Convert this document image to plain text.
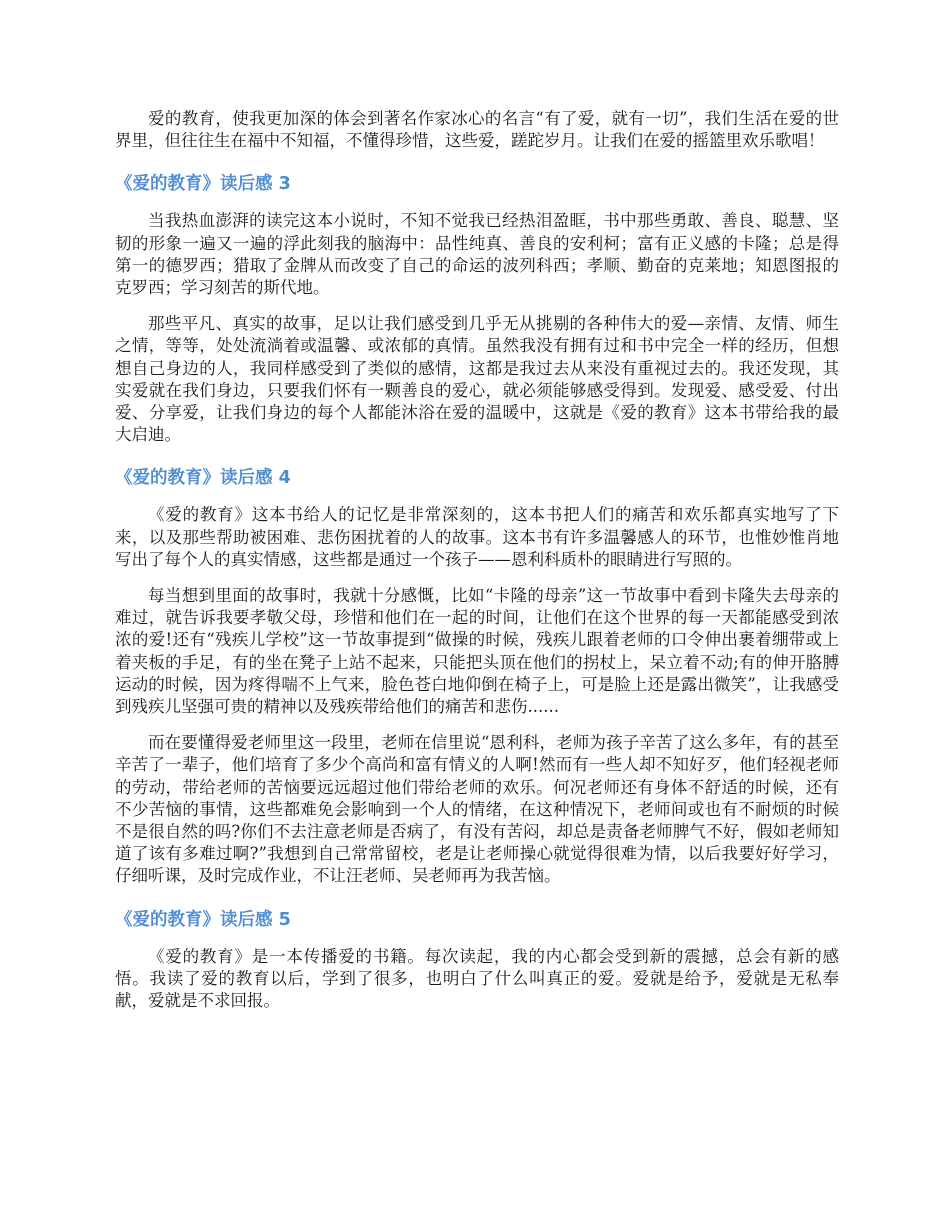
爱的教育，使我更加深的体会到著名作家冰心的名言“有了爱，就有一切”，我们生活在爱的世界里，但往往生在福中不知福，不懂得珍惜，这些爱，蹉跎岁月。让我们在爱的摇篮里欢乐歌唱！

《爱的教育》读后感 3

当我热血澎湃的读完这本小说时，不知不觉我已经热泪盈眶，书中那些勇敢、善良、聪慧、坚韧的形象一遍又一遍的浮此刻我的脑海中：品性纯真、善良的安利柯；富有正义感的卡隆；总是得第一的德罗西；猎取了金牌从而改变了自己的命运的波列科西；孝顺、勤奋的克莱地；知恩图报的克罗西；学习刻苦的斯代地。

那些平凡、真实的故事，足以让我们感受到几乎无从挑剔的各种伟大的爱—亲情、友情、师生之情，等等，处处流淌着或温馨、或浓郁的真情。虽然我没有拥有过和书中完全一样的经历，但想想自己身边的人，我同样感受到了类似的感情，这都是我过去从来没有重视过去的。我还发现，其实爱就在我们身边，只要我们怀有一颗善良的爱心，就必须能够感受得到。发现爱、感受爱、付出爱、分享爱，让我们身边的每个人都能沐浴在爱的温暖中，这就是《爱的教育》这本书带给我的最大启迪。

《爱的教育》读后感 4

《爱的教育》这本书给人的记忆是非常深刻的，这本书把人们的痛苦和欢乐都真实地写了下来，以及那些帮助被困难、悲伤困扰着的人的故事。这本书有许多温馨感人的环节，也惟妙惟肖地写出了每个人的真实情感，这些都是通过一个孩子——恩利科质朴的眼睛进行写照的。

每当想到里面的故事时，我就十分感慨，比如“卡隆的母亲”这一节故事中看到卡隆失去母亲的难过，就告诉我要孝敬父母，珍惜和他们在一起的时间，让他们在这个世界的每一天都能感受到浓浓的爱!还有“残疾儿学校”这一节故事提到“做操的时候，残疾儿跟着老师的口令伸出裹着绷带或上着夹板的手足，有的坐在凳子上站不起来，只能把头顶在他们的拐杖上，呆立着不动;有的伸开胳膊运动的时候，因为疼得喘不上气来，脸色苍白地仰倒在椅子上，可是脸上还是露出微笑”，让我感受到残疾儿坚强可贵的精神以及残疾带给他们的痛苦和悲伤......

而在要懂得爱老师里这一段里，老师在信里说“恩利科，老师为孩子辛苦了这么多年，有的甚至辛苦了一辈子，他们培育了多少个高尚和富有情义的人啊!然而有一些人却不知好歹，他们轻视老师的劳动，带给老师的苦恼要远远超过他们带给老师的欢乐。何况老师还有身体不舒适的时候，还有不少苦恼的事情，这些都难免会影响到一个人的情绪，在这种情况下，老师间或也有不耐烦的时候不是很自然的吗?你们不去注意老师是否病了，有没有苦闷，却总是责备老师脾气不好，假如老师知道了该有多难过啊?”我想到自己常常留校，老是让老师操心就觉得很难为情，以后我要好好学习，仔细听课，及时完成作业，不让汪老师、吴老师再为我苦恼。

《爱的教育》读后感 5

《爱的教育》是一本传播爱的书籍。每次读起，我的内心都会受到新的震撼，总会有新的感悟。我读了爱的教育以后，学到了很多，也明白了什么叫真正的爱。爱就是给予，爱就是无私奉献，爱就是不求回报。
